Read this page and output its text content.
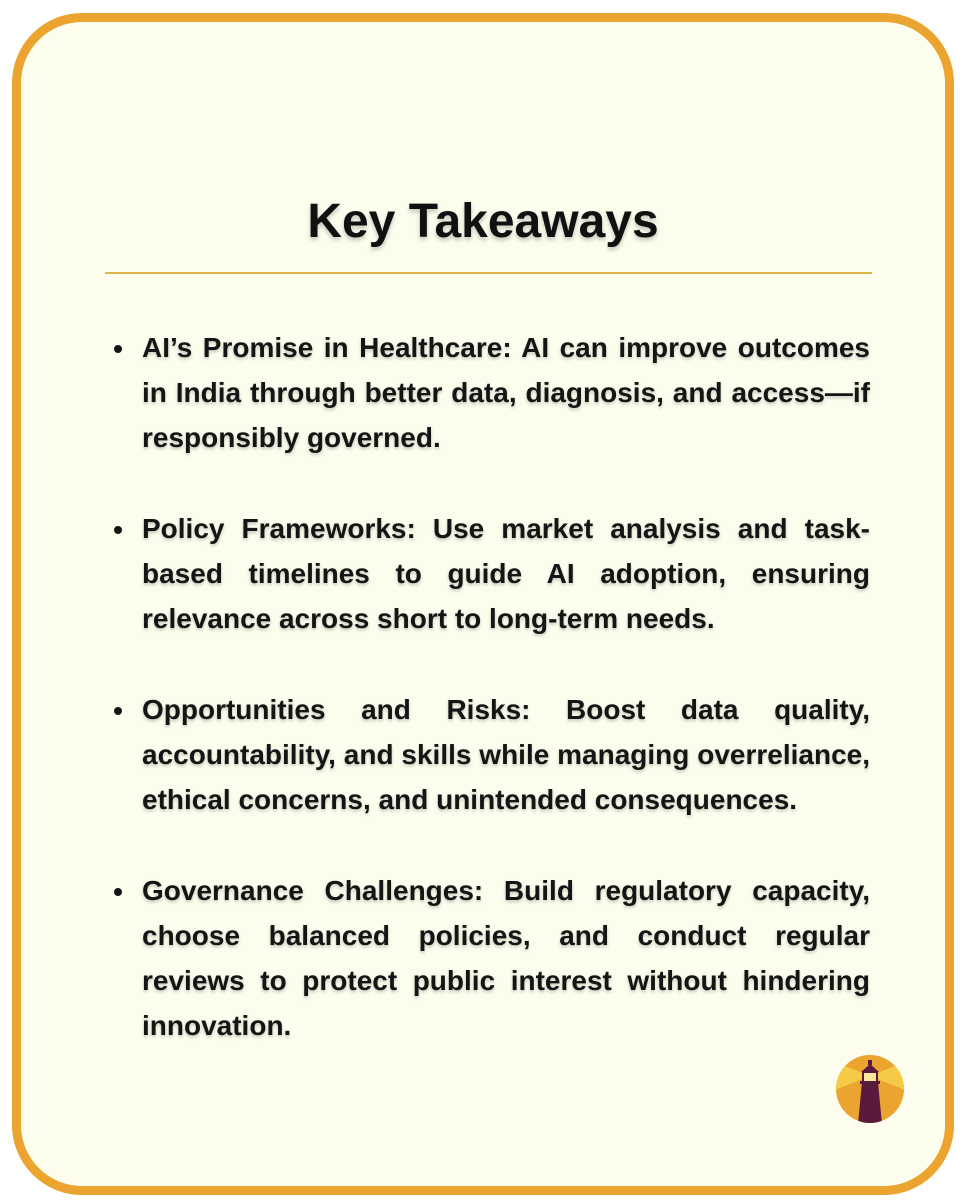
Key Takeaways
AI’s Promise in Healthcare: AI can improve outcomes in India through better data, diagnosis, and access—if responsibly governed.
Policy Frameworks: Use market analysis and task-based timelines to guide AI adoption, ensuring relevance across short to long-term needs.
Opportunities and Risks: Boost data quality, accountability, and skills while managing overreliance, ethical concerns, and unintended consequences.
Governance Challenges: Build regulatory capacity, choose balanced policies, and conduct regular reviews to protect public interest without hindering innovation.
